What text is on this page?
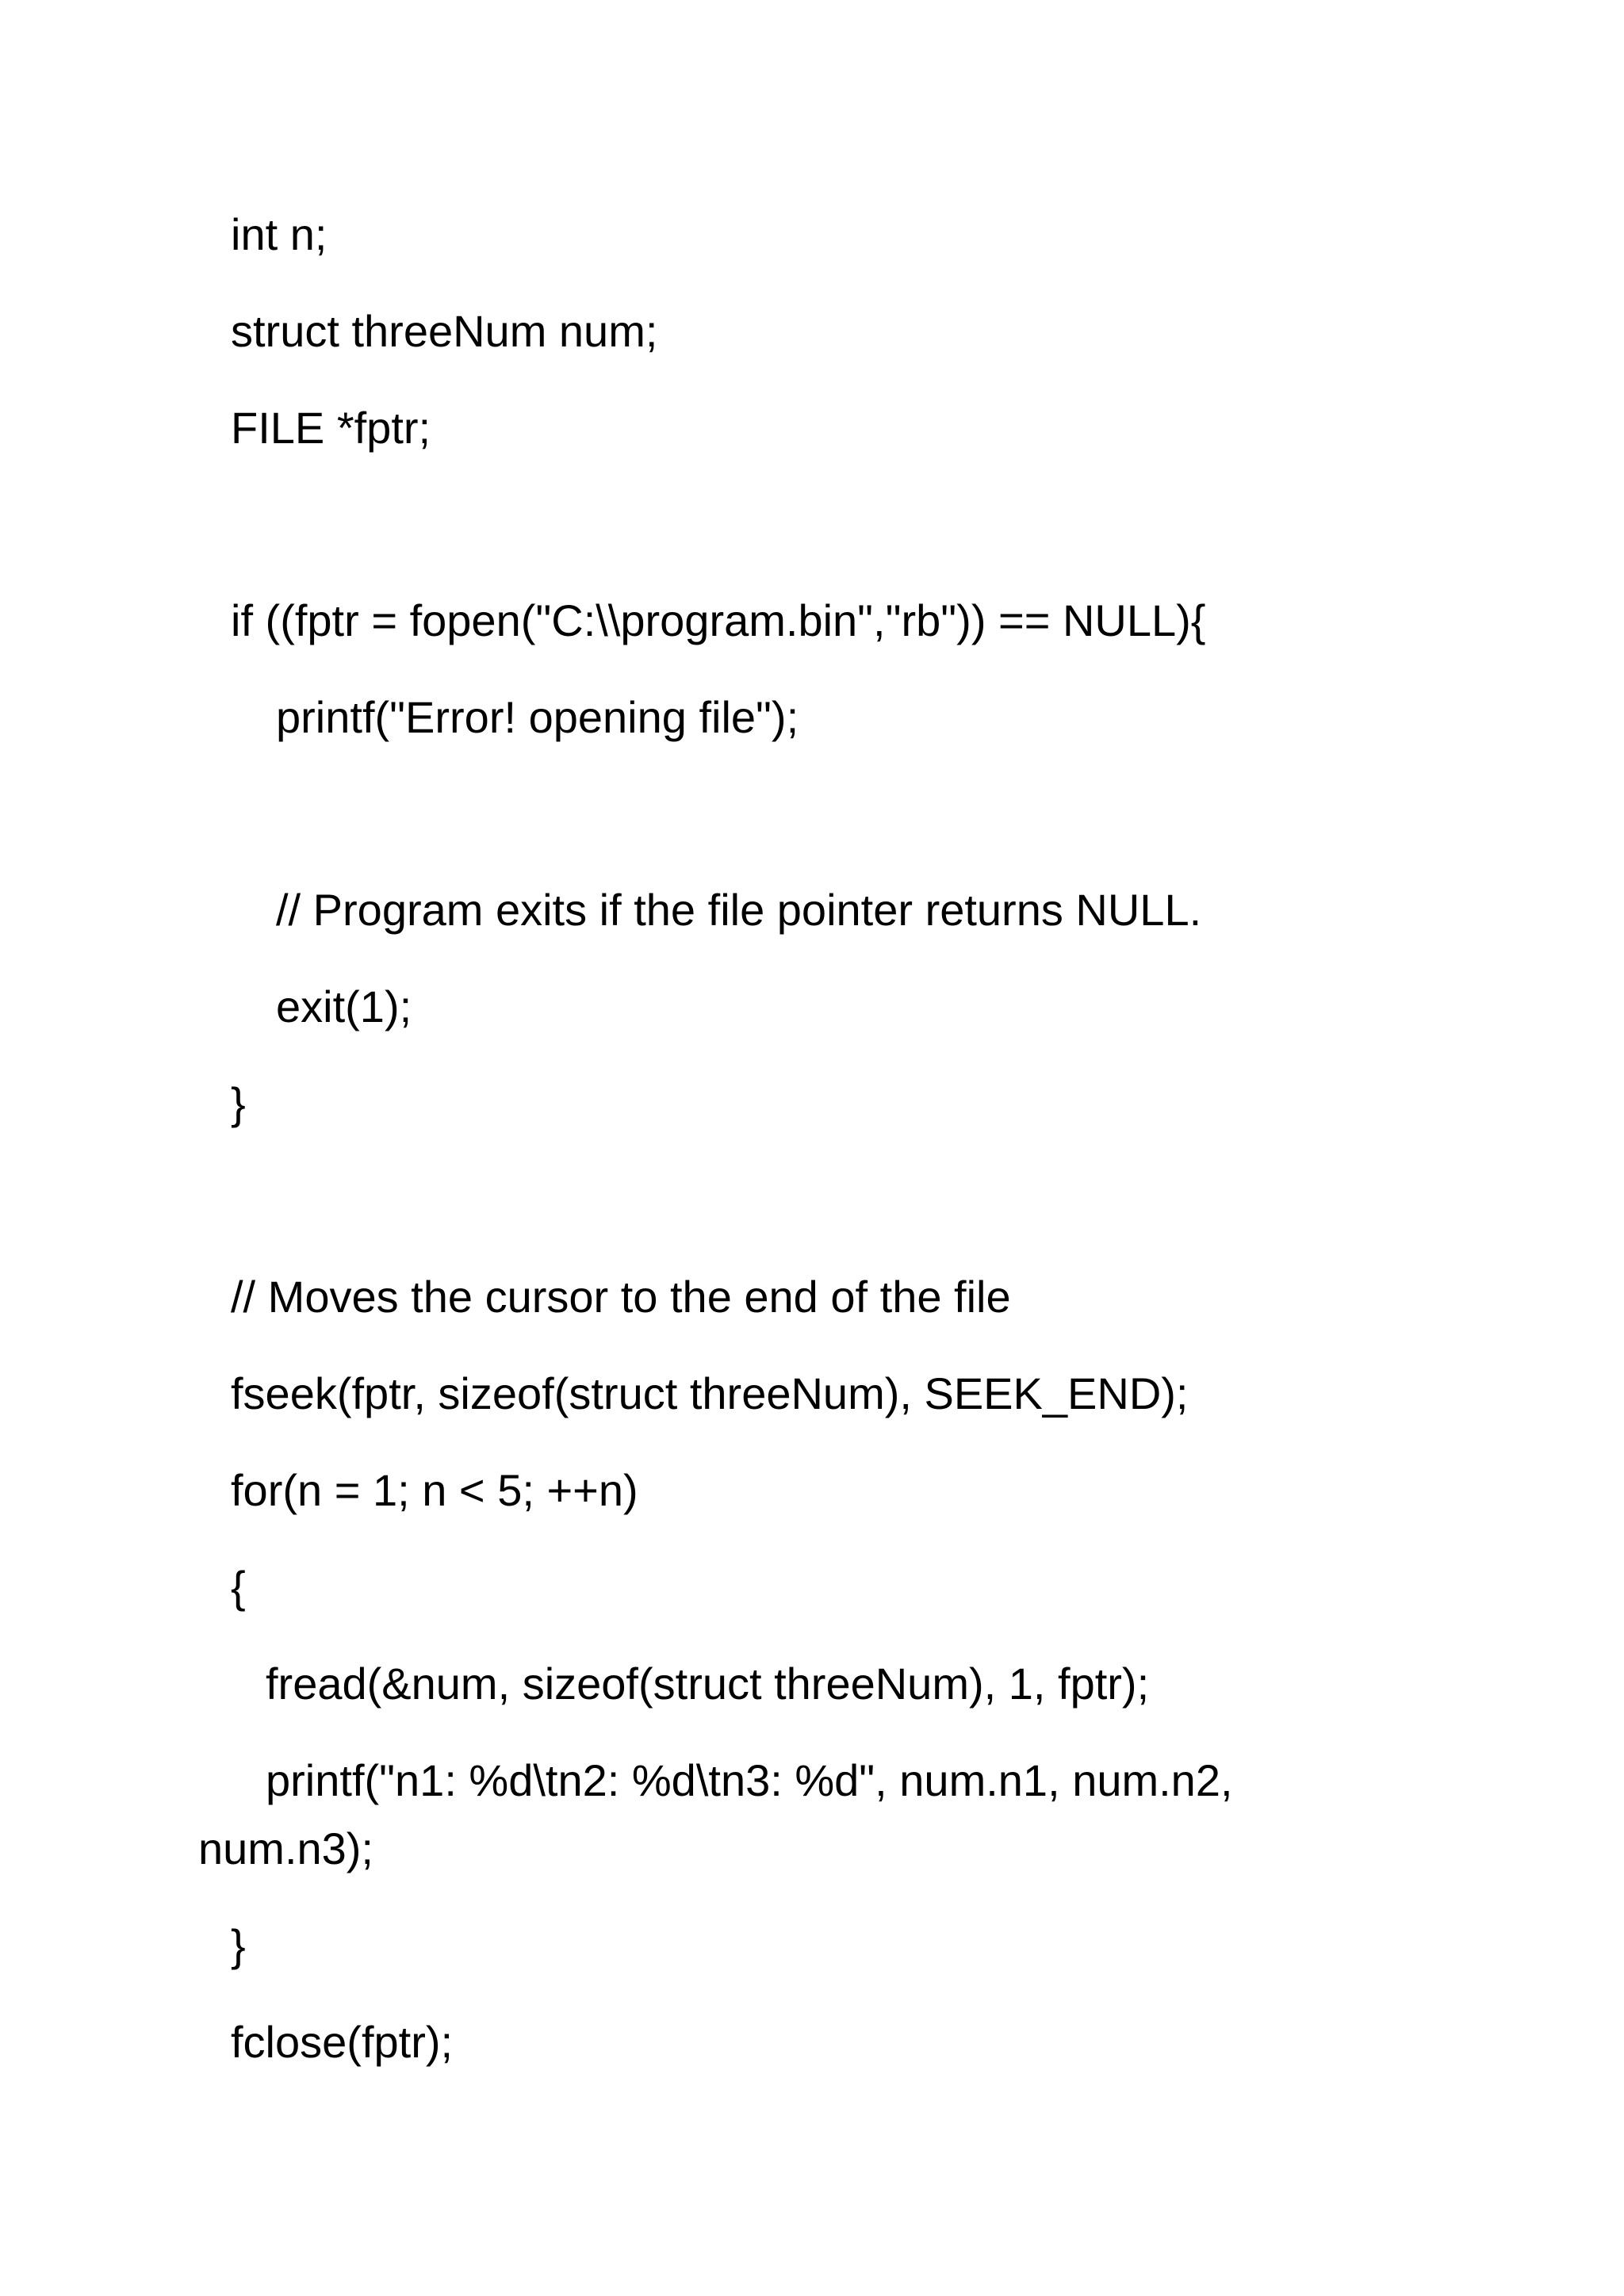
int n;
struct threeNum num;
FILE *fptr;
if ((fptr = fopen("C:\\program.bin","rb")) == NULL){
printf("Error! opening file");
// Program exits if the file pointer returns NULL.
exit(1);
}
// Moves the cursor to the end of the file
fseek(fptr, sizeof(struct threeNum), SEEK_END);
for(n = 1; n < 5; ++n)
{
fread(&num, sizeof(struct threeNum), 1, fptr);
printf("n1: %d\tn2: %d\tn3: %d", num.n1, num.n2,
num.n3);
}
fclose(fptr);
